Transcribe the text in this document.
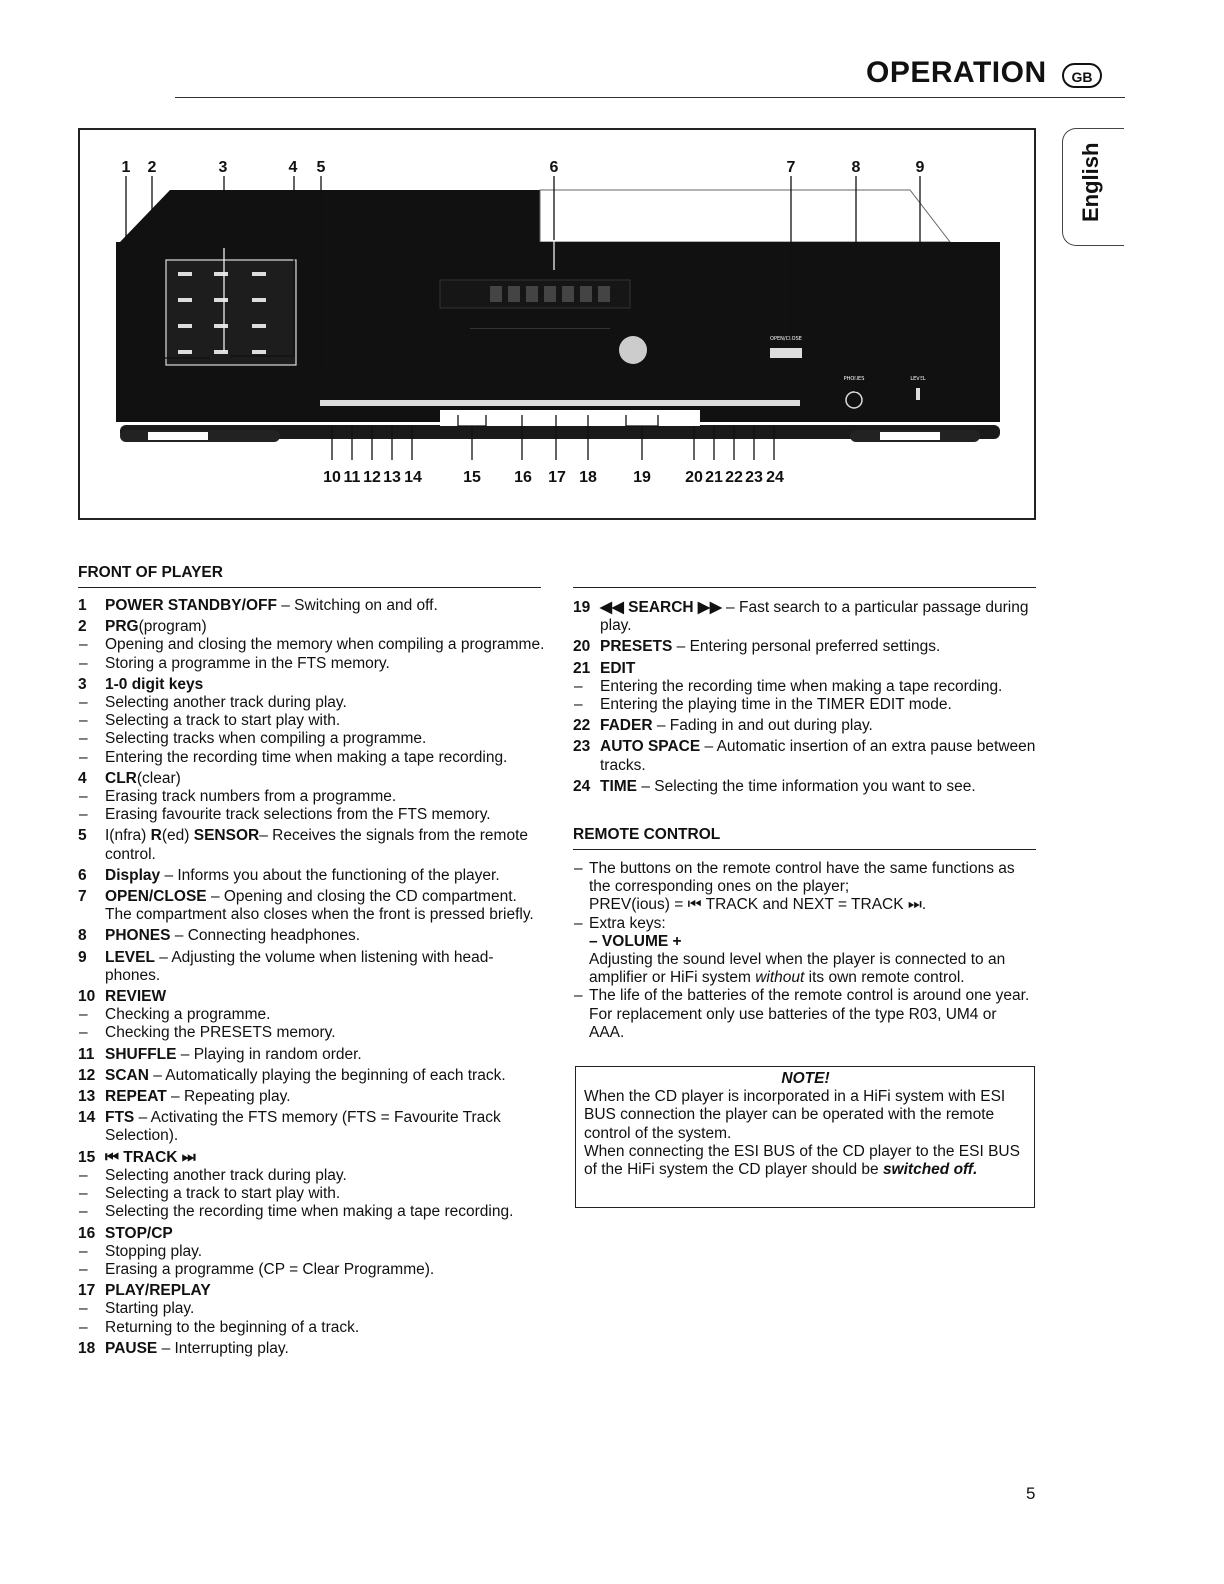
OPERATION	GB
English
OPEN/CLOSE
PHONES	LEVEL
1 2	3	4 5	6	7	8	9
10 11 12 13 14	15 16 17 18 19 20 21 22 23 24
FRONT OF PLAYER
1 POWER STANDBY/OFF – Switching on and off.
2 PRG(program)
– Opening and closing the memory when compiling a programme.
– Storing a programme in the FTS memory.
3 1-0 digit keys
– Selecting another track during play.
– Selecting a track to start play with.
– Selecting tracks when compiling a programme.
– Entering the recording time when making a tape recording.
4 CLR(clear)
– Erasing track numbers from a programme.
– Erasing favourite track selections from the FTS memory.
5 I(nfra) R(ed) SENSOR– Receives the signals from the remote control.
6 Display – Informs you about the functioning of the player.
7 OPEN/CLOSE – Opening and closing the CD compartment. The compartment also closes when the front is pressed briefly.
8 PHONES – Connecting headphones.
9 LEVEL – Adjusting the volume when listening with head-phones.
10 REVIEW
– Checking a programme.
– Checking the PRESETS memory.
11 SHUFFLE – Playing in random order.
12 SCAN – Automatically playing the beginning of each track.
13 REPEAT – Repeating play.
14 FTS – Activating the FTS memory (FTS = Favourite Track Selection).
15 ⏮ TRACK ⏭
– Selecting another track during play.
– Selecting a track to start play with.
– Selecting the recording time when making a tape recording.
16 STOP/CP
– Stopping play.
– Erasing a programme (CP = Clear Programme).
17 PLAY/REPLAY
– Starting play.
– Returning to the beginning of a track.
18 PAUSE – Interrupting play.
19 ◀◀ SEARCH ▶▶ – Fast search to a particular passage during play.
20 PRESETS – Entering personal preferred settings.
21 EDIT
– Entering the recording time when making a tape recording.
– Entering the playing time in the TIMER EDIT mode.
22 FADER – Fading in and out during play.
23 AUTO SPACE – Automatic insertion of an extra pause between tracks.
24 TIME – Selecting the time information you want to see.
REMOTE CONTROL
– The buttons on the remote control have the same functions as the corresponding ones on the player;
PREV(ious) = ⏮ TRACK and NEXT = TRACK ⏭.
– Extra keys:
– VOLUME +
Adjusting the sound level when the player is connected to an amplifier or HiFi system without its own remote control.
– The life of the batteries of the remote control is around one year. For replacement only use batteries of the type R03, UM4 or AAA.
NOTE!
When the CD player is incorporated in a HiFi system with ESI BUS connection the player can be operated with the remote control of the system.
When connecting the ESI BUS of the CD player to the ESI BUS of the HiFi system the CD player should be switched off.
5
